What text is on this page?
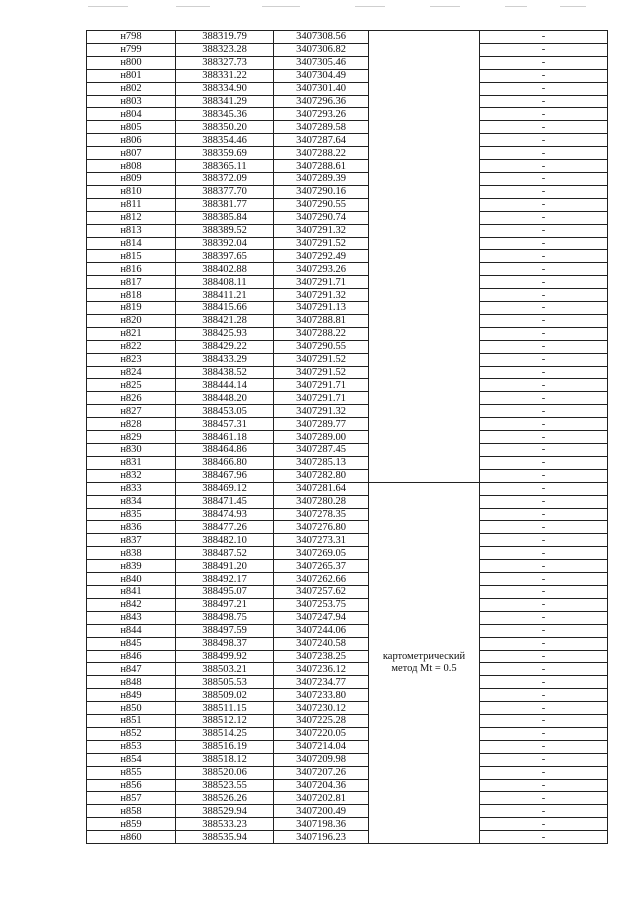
н798	388319.79	3407308.56		-
н799	388323.28	3407306.82		-
н800	388327.73	3407305.46		-
н801	388331.22	3407304.49		-
н802	388334.90	3407301.40		-
н803	388341.29	3407296.36		-
н804	388345.36	3407293.26		-
н805	388350.20	3407289.58		-
н806	388354.46	3407287.64		-
н807	388359.69	3407288.22		-
н808	388365.11	3407288.61		-
н809	388372.09	3407289.39		-
н810	388377.70	3407290.16		-
н811	388381.77	3407290.55		-
н812	388385.84	3407290.74		-
н813	388389.52	3407291.32		-
н814	388392.04	3407291.52		-
н815	388397.65	3407292.49		-
н816	388402.88	3407293.26		-
н817	388408.11	3407291.71		-
н818	388411.21	3407291.32		-
н819	388415.66	3407291.13		-
н820	388421.28	3407288.81		-
н821	388425.93	3407288.22		-
н822	388429.22	3407290.55		-
н823	388433.29	3407291.52		-
н824	388438.52	3407291.52		-
н825	388444.14	3407291.71		-
н826	388448.20	3407291.71		-
н827	388453.05	3407291.32		-
н828	388457.31	3407289.77		-
н829	388461.18	3407289.00		-
н830	388464.86	3407287.45		-
н831	388466.80	3407285.13		-
н832	388467.96	3407282.80		-
н833	388469.12	3407281.64	картометрический метод Mt = 0.5	-
н834	388471.45	3407280.28		-
н835	388474.93	3407278.35		-
н836	388477.26	3407276.80		-
н837	388482.10	3407273.31		-
н838	388487.52	3407269.05		-
н839	388491.20	3407265.37		-
н840	388492.17	3407262.66		-
н841	388495.07	3407257.62		-
н842	388497.21	3407253.75		-
н843	388498.75	3407247.94		-
н844	388497.59	3407244.06		-
н845	388498.37	3407240.58		-
н846	388499.92	3407238.25		-
н847	388503.21	3407236.12		-
н848	388505.53	3407234.77		-
н849	388509.02	3407233.80		-
н850	388511.15	3407230.12		-
н851	388512.12	3407225.28		-
н852	388514.25	3407220.05		-
н853	388516.19	3407214.04		-
н854	388518.12	3407209.98		-
н855	388520.06	3407207.26		-
н856	388523.55	3407204.36		-
н857	388526.26	3407202.81		-
н858	388529.94	3407200.49		-
н859	388533.23	3407198.36		-
н860	388535.94	3407196.23		-
